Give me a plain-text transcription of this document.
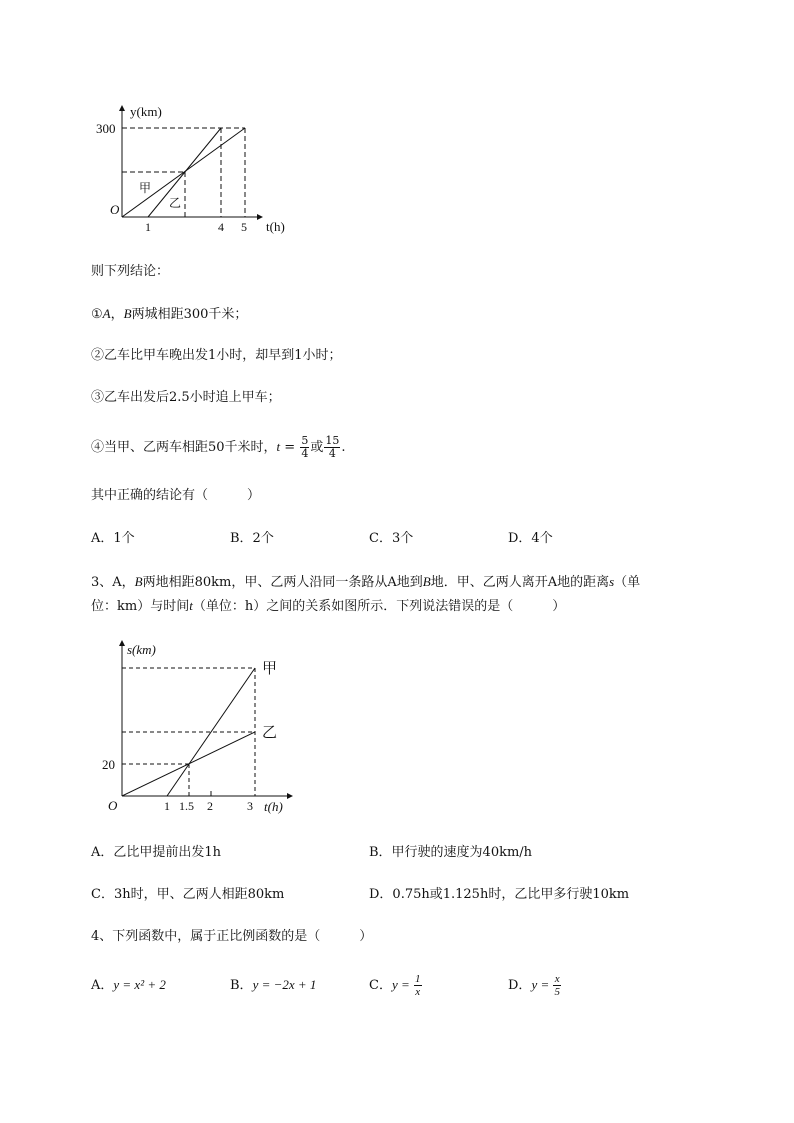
y(km)
t(h)
O
300
1	4 5
甲
乙
则下列结论：
①A，B两城相距300千米；
②乙车比甲车晚出发1小时，却早到1小时；
③乙车出发后2.5小时追上甲车；
④当甲、乙两车相距50千米时，$t = \frac{5}{4}$ 或 $\frac{15}{4}$ .
其中正确的结论有（　　　）
A．1个	B．2个	C．3个	D．4个
3、A，B两地相距80km，甲、乙两人沿同一条路从A地到B地．甲、乙两人离开A地的距离s（单
位：km）与时间t（单位：h）之间的关系如图所示．下列说法错误的是（　　　）
s(km)
t(h)
O
20
1 1.5 2	3
甲
乙
A．乙比甲提前出发1h	B．甲行驶的速度为40km/h
C．3h时，甲、乙两人相距80km	D．0.75h或1.125h时，乙比甲多行驶10km
4、下列函数中，属于正比例函数的是（　　　）
A．y = x² + 2	B．y = −2x + 1	C．$y = \frac{1}{x}$	D．$y = \frac{x}{5}$
